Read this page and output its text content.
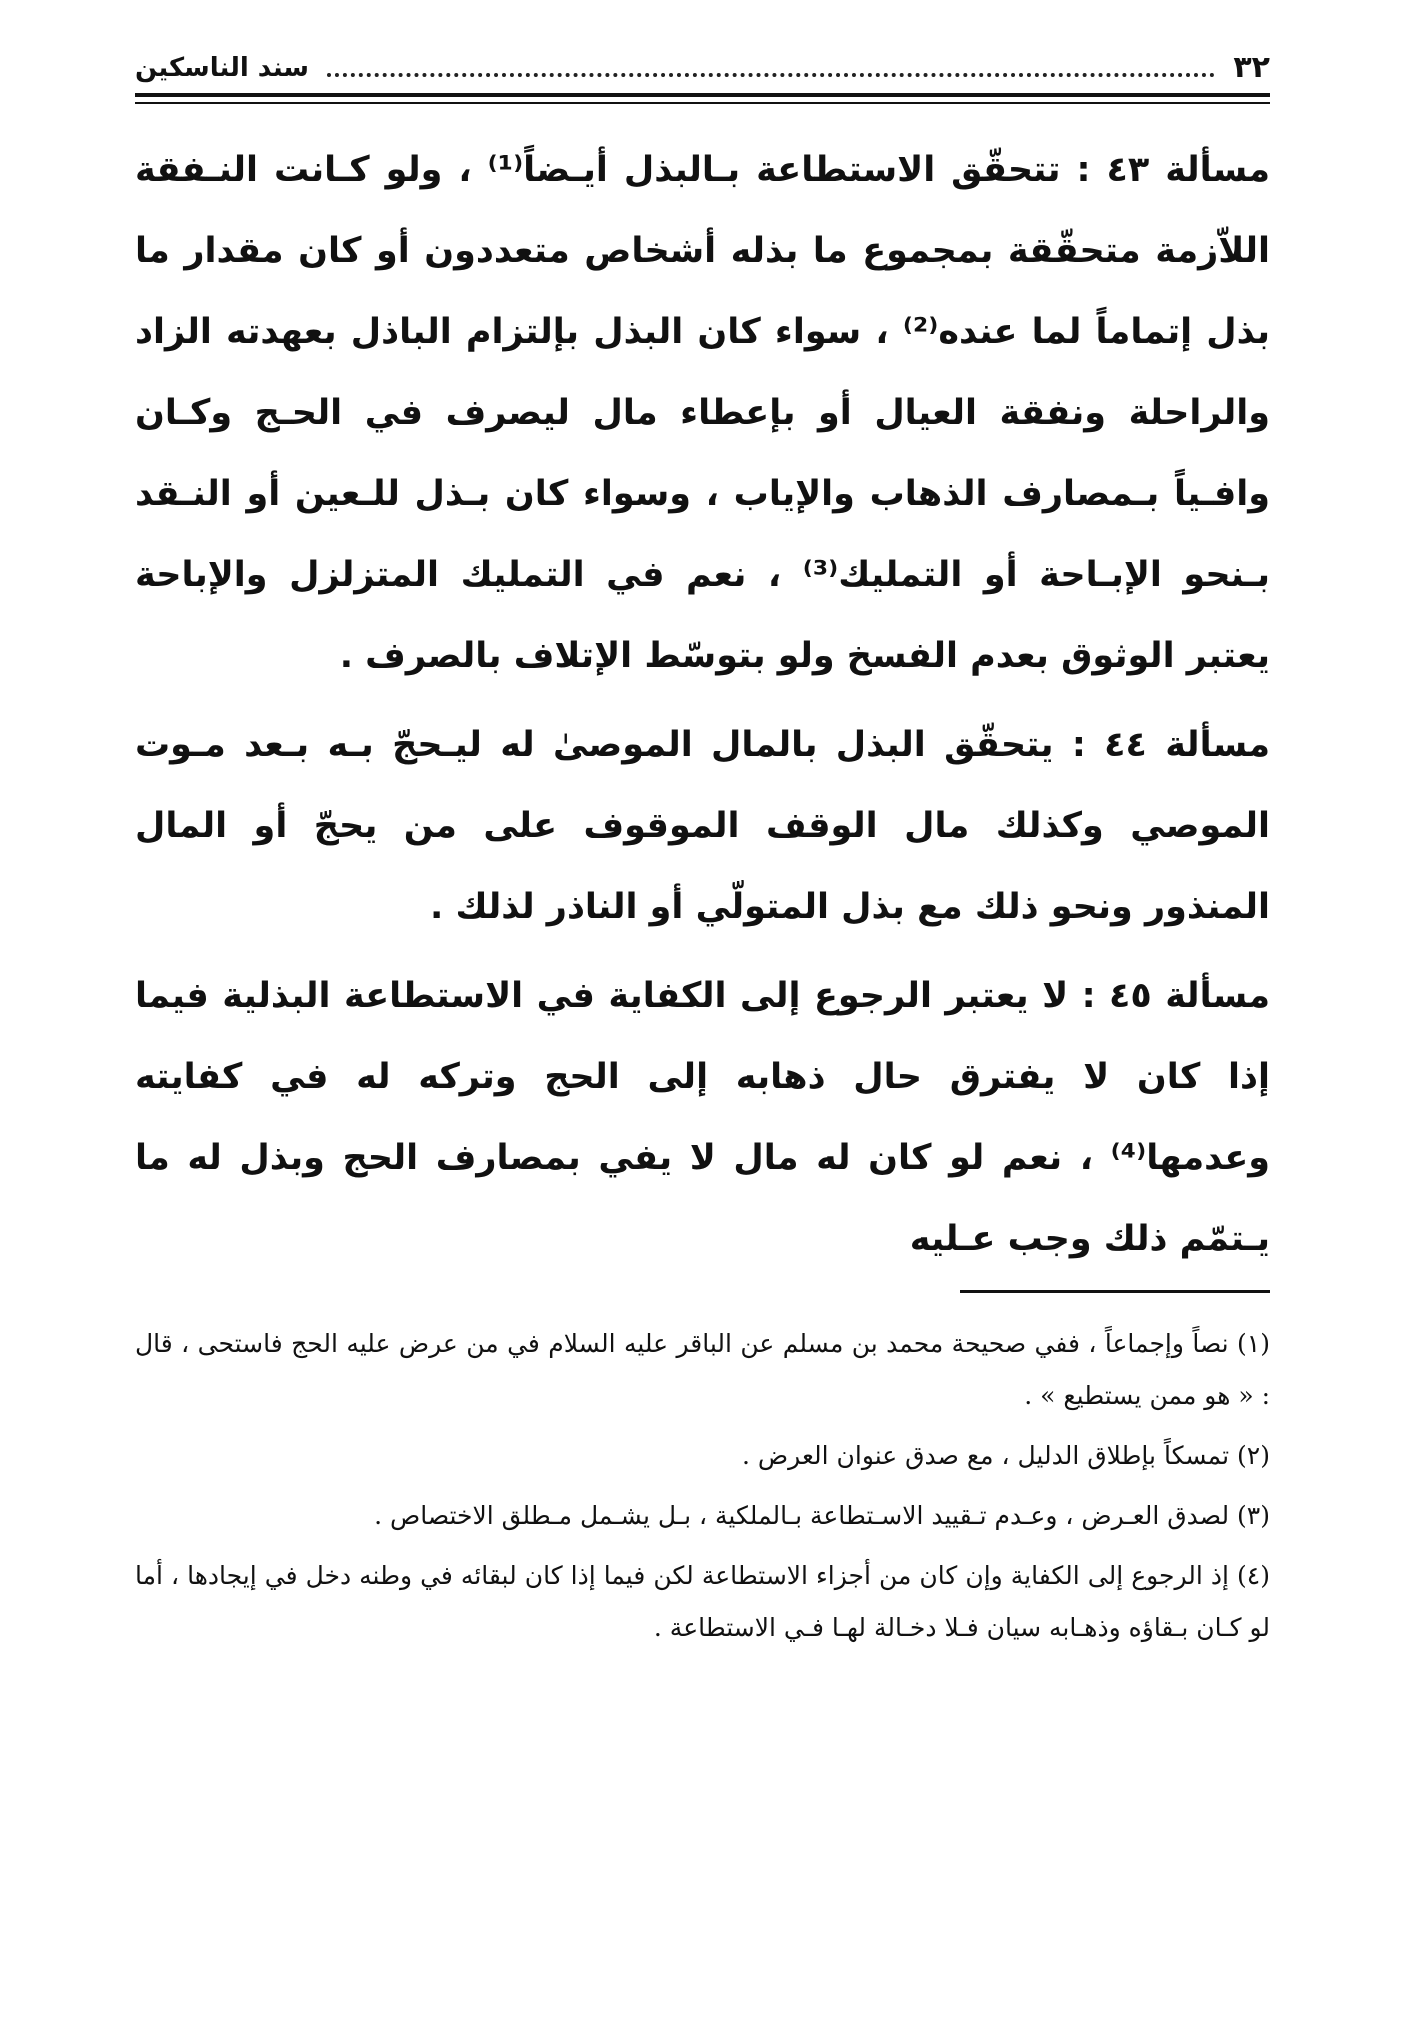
٣٢
سند الناسكين

مسألة ٤٣ : تتحقّق الاستطاعة بـالبذل أيـضاً⁽¹⁾ ، ولو كـانت النـفقة اللاّزمة متحقّقة بمجموع ما بذله أشخاص متعددون أو كان مقدار ما بذل إتماماً لما عنده⁽²⁾ ، سواء كان البذل بإلتزام الباذل بعهدته الزاد والراحلة ونفقة العيال أو بإعطاء مال ليصرف في الحـج وكـان وافـياً بـمصارف الذهاب والإياب ، وسواء كان بـذل للـعين أو النـقد بـنحو الإبـاحة أو التمليك⁽³⁾ ، نعم في التمليك المتزلزل والإباحة يعتبر الوثوق بعدم الفسخ ولو بتوسّط الإتلاف بالصرف .

مسألة ٤٤ : يتحقّق البذل بالمال الموصىٰ له ليـحجّ بـه بـعد مـوت الموصي وكذلك مال الوقف الموقوف على من يحجّ أو المال المنذور ونحو ذلك مع بذل المتولّي أو الناذر لذلك .

مسألة ٤٥ : لا يعتبر الرجوع إلى الكفاية في الاستطاعة البذلية فيما إذا كان لا يفترق حال ذهابه إلى الحج وتركه له في كفايته وعدمها⁽⁴⁾ ، نعم لو كان له مال لا يفي بمصارف الحج وبذل له ما يـتمّم ذلك وجب عـليه

(١) نصاً وإجماعاً ، ففي صحيحة محمد بن مسلم عن الباقر عليه السلام في من عرض عليه الحج فاستحى ، قال : « هو ممن يستطيع » .

(٢) تمسكاً بإطلاق الدليل ، مع صدق عنوان العرض .

(٣) لصدق العـرض ، وعـدم تـقييد الاسـتطاعة بـالملكية ، بـل يشـمل مـطلق الاختصاص .

(٤) إذ الرجوع إلى الكفاية وإن كان من أجزاء الاستطاعة لكن فيما إذا كان لبقائه في وطنه دخل في إيجادها ، أما لو كـان بـقاؤه وذهـابه سيان فـلا دخـالة لهـا فـي الاستطاعة .
